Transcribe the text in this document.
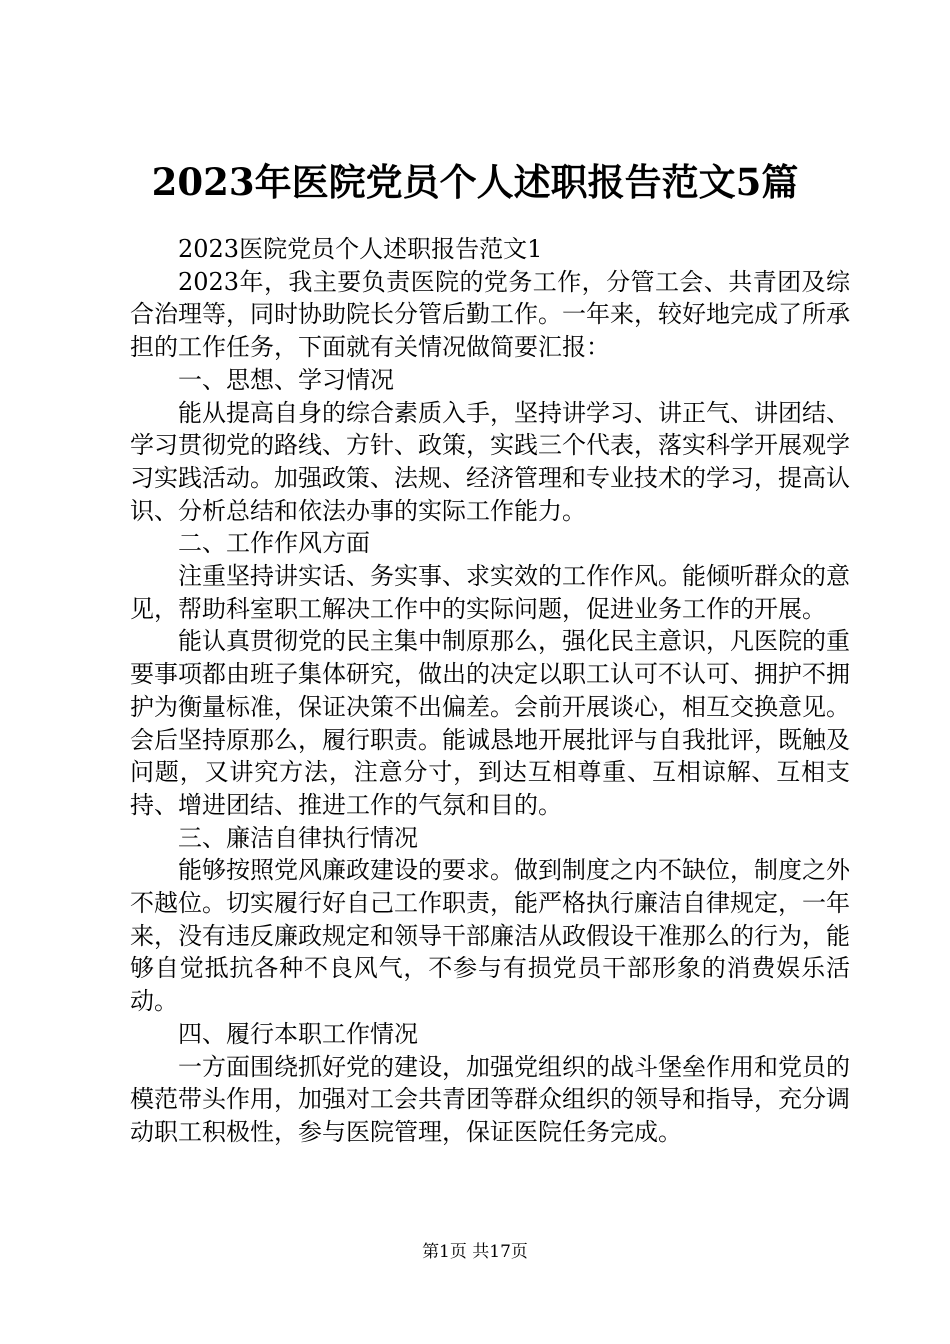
2023年医院党员个人述职报告范文5篇

2023医院党员个人述职报告范文1

2023年，我主要负责医院的党务工作，分管工会、共青团及综合治理等，同时协助院长分管后勤工作。一年来，较好地完成了所承担的工作任务，下面就有关情况做简要汇报：

一、思想、学习情况

能从提高自身的综合素质入手，坚持讲学习、讲正气、讲团结、学习贯彻党的路线、方针、政策，实践三个代表，落实科学开展观学习实践活动。加强政策、法规、经济管理和专业技术的学习，提高认识、分析总结和依法办事的实际工作能力。

二、工作作风方面

注重坚持讲实话、务实事、求实效的工作作风。能倾听群众的意见，帮助科室职工解决工作中的实际问题，促进业务工作的开展。

能认真贯彻党的民主集中制原那么，强化民主意识，凡医院的重要事项都由班子集体研究，做出的决定以职工认可不认可、拥护不拥护为衡量标准，保证决策不出偏差。会前开展谈心，相互交换意见。会后坚持原那么，履行职责。能诚恳地开展批评与自我批评，既触及问题，又讲究方法，注意分寸，到达互相尊重、互相谅解、互相支持、增进团结、推进工作的气氛和目的。

三、廉洁自律执行情况

能够按照党风廉政建设的要求。做到制度之内不缺位，制度之外不越位。切实履行好自己工作职责，能严格执行廉洁自律规定，一年来，没有违反廉政规定和领导干部廉洁从政假设干准那么的行为，能够自觉抵抗各种不良风气，不参与有损党员干部形象的消费娱乐活动。

四、履行本职工作情况

一方面围绕抓好党的建设，加强党组织的战斗堡垒作用和党员的模范带头作用，加强对工会共青团等群众组织的领导和指导，充分调动职工积极性，参与医院管理，保证医院任务完成。

第1页 共17页
